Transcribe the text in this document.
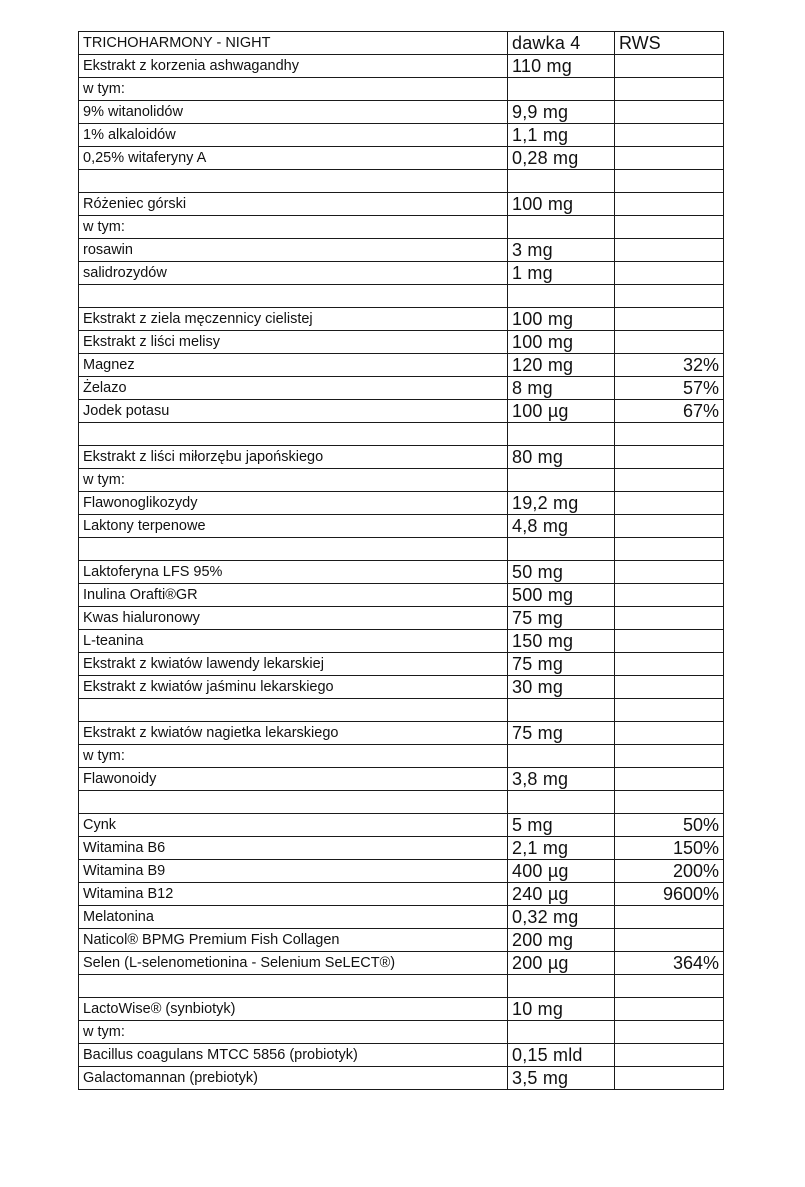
TRICHOHARMONY - NIGHT	dawka 4	RWS
Ekstrakt z korzenia ashwagandhy	110 mg	
w tym:		
9% witanolidów	9,9 mg	
1% alkaloidów	1,1 mg	
0,25% witaferyny A	0,28 mg	

Różeniec górski	100 mg	
w tym:		
rosawin	3 mg	
salidrozydów	1 mg	

Ekstrakt z ziela męczennicy cielistej	100 mg	
Ekstrakt z liści melisy	100 mg	
Magnez	120 mg	32%
Żelazo	8 mg	57%
Jodek potasu	100 µg	67%

Ekstrakt z liści miłorzębu japońskiego	80 mg	
w tym:		
Flawonoglikozydy	19,2 mg	
Laktony terpenowe	4,8 mg	

Laktoferyna LFS 95%	50 mg	
Inulina Orafti®GR	500 mg	
Kwas hialuronowy	75 mg	
L-teanina	150 mg	
Ekstrakt z kwiatów lawendy lekarskiej	75 mg	
Ekstrakt z kwiatów jaśminu lekarskiego	30 mg	

Ekstrakt z kwiatów nagietka lekarskiego	75 mg	
w tym:		
Flawonoidy	3,8 mg	

Cynk	5 mg	50%
Witamina B6	2,1 mg	150%
Witamina B9	400 µg	200%
Witamina B12	240 µg	9600%
Melatonina	0,32 mg	
Naticol® BPMG Premium Fish Collagen	200 mg	
Selen (L-selenometionina - Selenium SeLECT®)	200 µg	364%

LactoWise® (synbiotyk)	10 mg	
w tym:		
Bacillus coagulans MTCC 5856 (probiotyk)	0,15 mld	
Galactomannan (prebiotyk)	3,5 mg	
